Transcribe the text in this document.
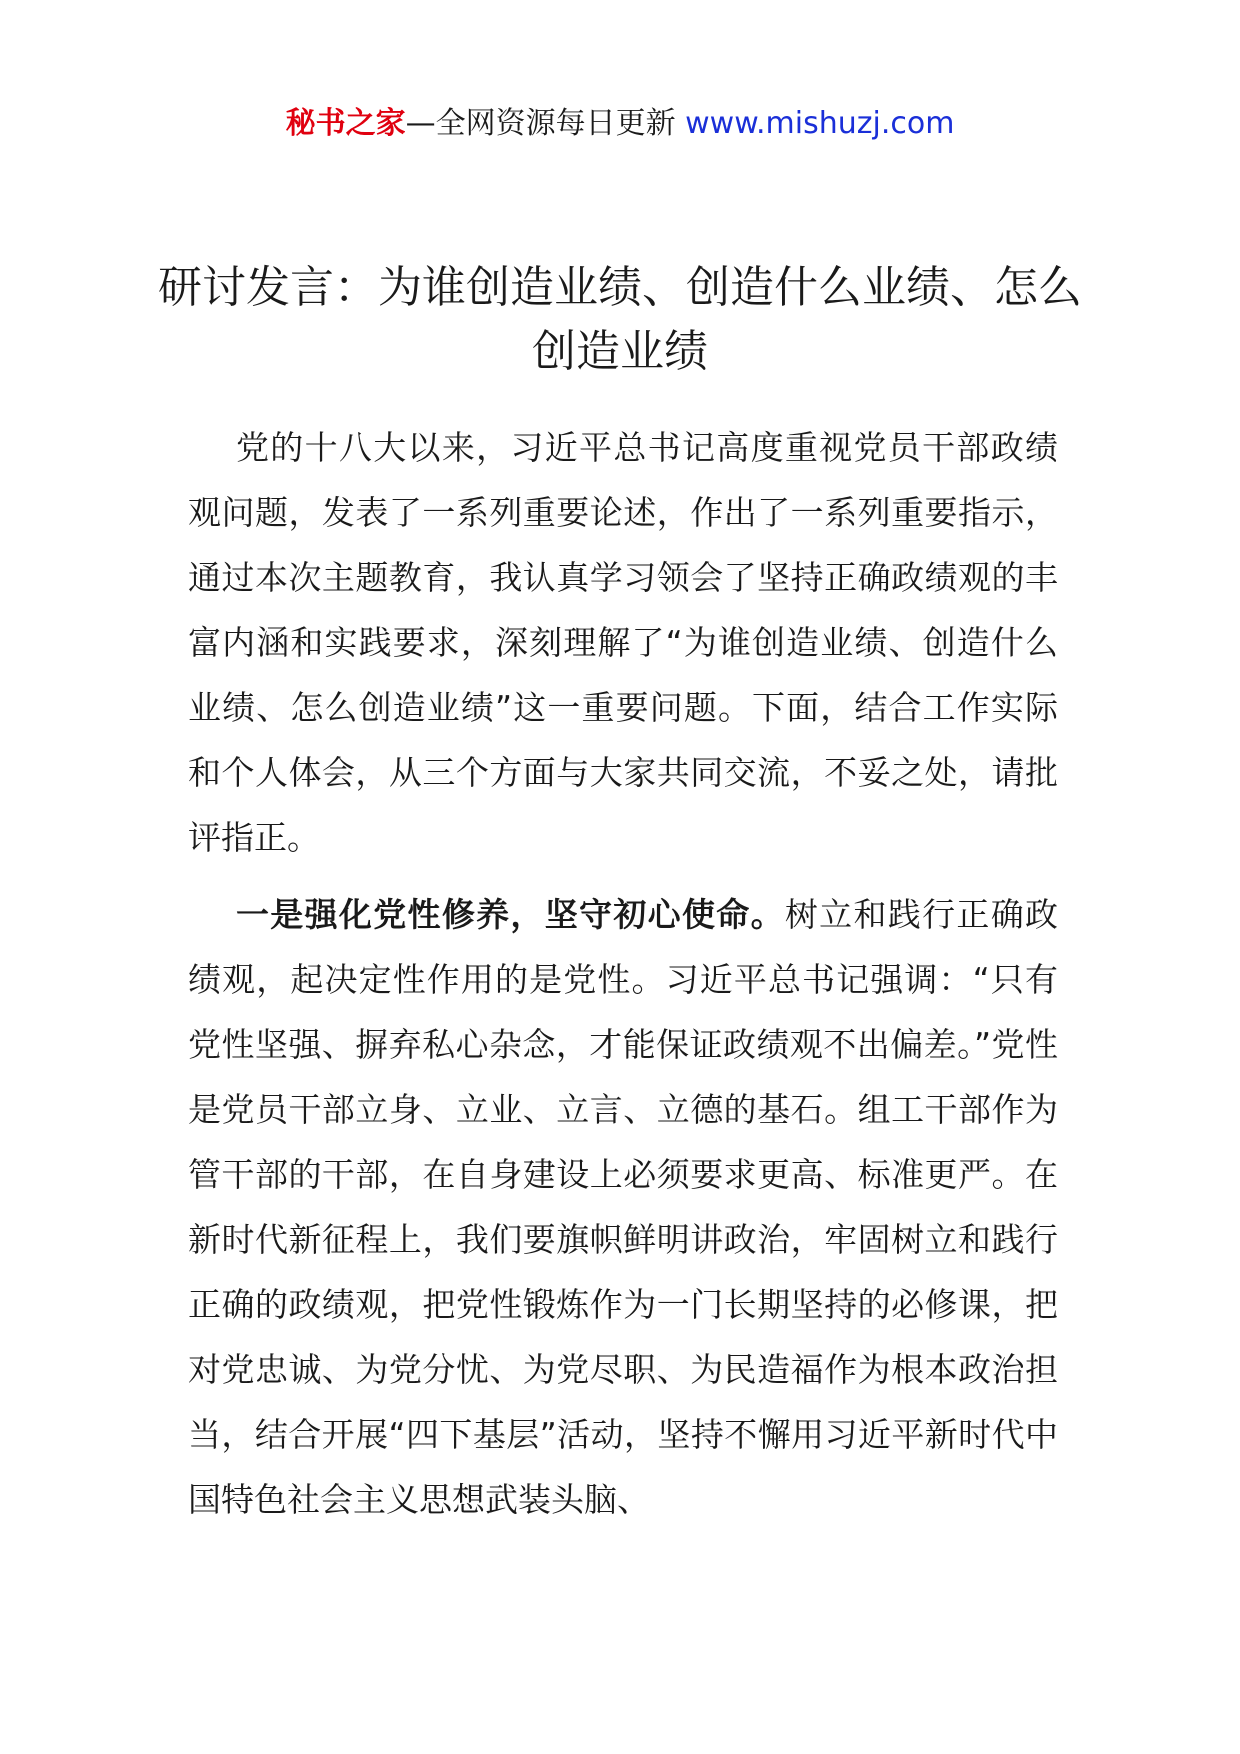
秘书之家—全网资源每日更新 www.mishuzj.com
研讨发言：为谁创造业绩、创造什么业绩、怎么创造业绩

党的十八大以来，习近平总书记高度重视党员干部政绩观问题，发表了一系列重要论述，作出了一系列重要指示，通过本次主题教育，我认真学习领会了坚持正确政绩观的丰富内涵和实践要求，深刻理解了“为谁创造业绩、创造什么业绩、怎么创造业绩”这一重要问题。下面，结合工作实际和个人体会，从三个方面与大家共同交流，不妥之处，请批评指正。

一是强化党性修养，坚守初心使命。树立和践行正确政绩观，起决定性作用的是党性。习近平总书记强调：“只有党性坚强、摒弃私心杂念，才能保证政绩观不出偏差。”党性是党员干部立身、立业、立言、立德的基石。组工干部作为管干部的干部，在自身建设上必须要求更高、标准更严。在新时代新征程上，我们要旗帜鲜明讲政治，牢固树立和践行正确的政绩观，把党性锻炼作为一门长期坚持的必修课，把对党忠诚、为党分忧、为党尽职、为民造福作为根本政治担当，结合开展“四下基层”活动，坚持不懈用习近平新时代中国特色社会主义思想武装头脑、
